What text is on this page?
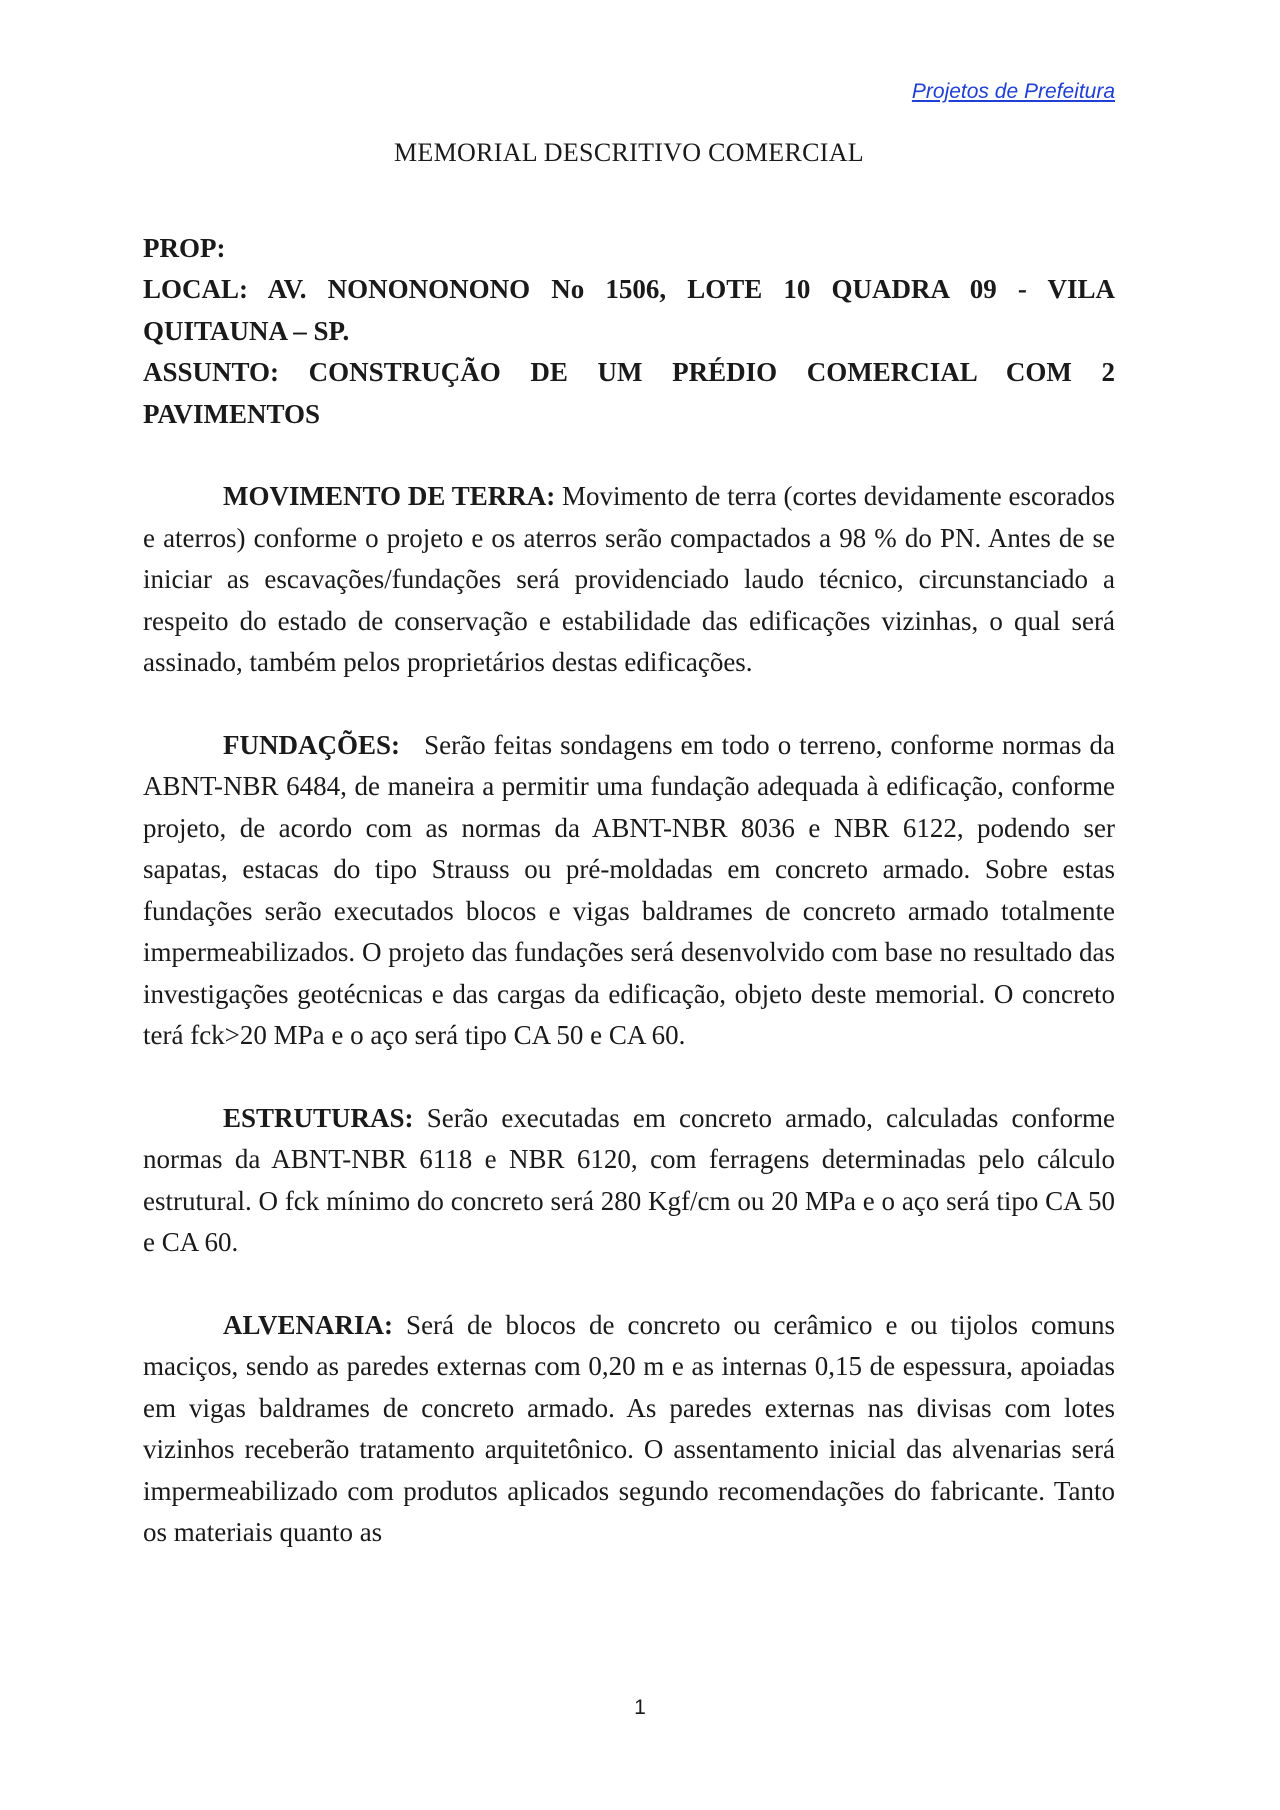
Projetos de Prefeitura
MEMORIAL DESCRITIVO COMERCIAL

PROP:

LOCAL: AV. NONONONONO No 1506, LOTE 10 QUADRA 09 - VILA QUITAUNA – SP.

ASSUNTO: CONSTRUÇÃO DE UM PRÉDIO COMERCIAL COM 2 PAVIMENTOS

MOVIMENTO DE TERRA: Movimento de terra (cortes devidamente escorados e aterros) conforme o projeto e os aterros serão compactados a 98 % do PN. Antes de se iniciar as escavações/fundações será providenciado laudo técnico, circunstanciado a respeito do estado de conservação e estabilidade das edificações vizinhas, o qual será assinado, também pelos proprietários destas edificações.

FUNDAÇÕES: Serão feitas sondagens em todo o terreno, conforme normas da ABNT-NBR 6484, de maneira a permitir uma fundação adequada à edificação, conforme projeto, de acordo com as normas da ABNT-NBR 8036 e NBR 6122, podendo ser sapatas, estacas do tipo Strauss ou pré-moldadas em concreto armado. Sobre estas fundações serão executados blocos e vigas baldrames de concreto armado totalmente impermeabilizados. O projeto das fundações será desenvolvido com base no resultado das investigações geotécnicas e das cargas da edificação, objeto deste memorial. O concreto terá fck>20 MPa e o aço será tipo CA 50 e CA 60.

ESTRUTURAS: Serão executadas em concreto armado, calculadas conforme normas da ABNT-NBR 6118 e NBR 6120, com ferragens determinadas pelo cálculo estrutural. O fck mínimo do concreto será 280 Kgf/cm ou 20 MPa e o aço será tipo CA 50 e CA 60.

ALVENARIA: Será de blocos de concreto ou cerâmico e ou tijolos comuns maciços, sendo as paredes externas com 0,20 m e as internas 0,15 de espessura, apoiadas em vigas baldrames de concreto armado. As paredes externas nas divisas com lotes vizinhos receberão tratamento arquitetônico. O assentamento inicial das alvenarias será impermeabilizado com produtos aplicados segundo recomendações do fabricante. Tanto os materiais quanto as

1
